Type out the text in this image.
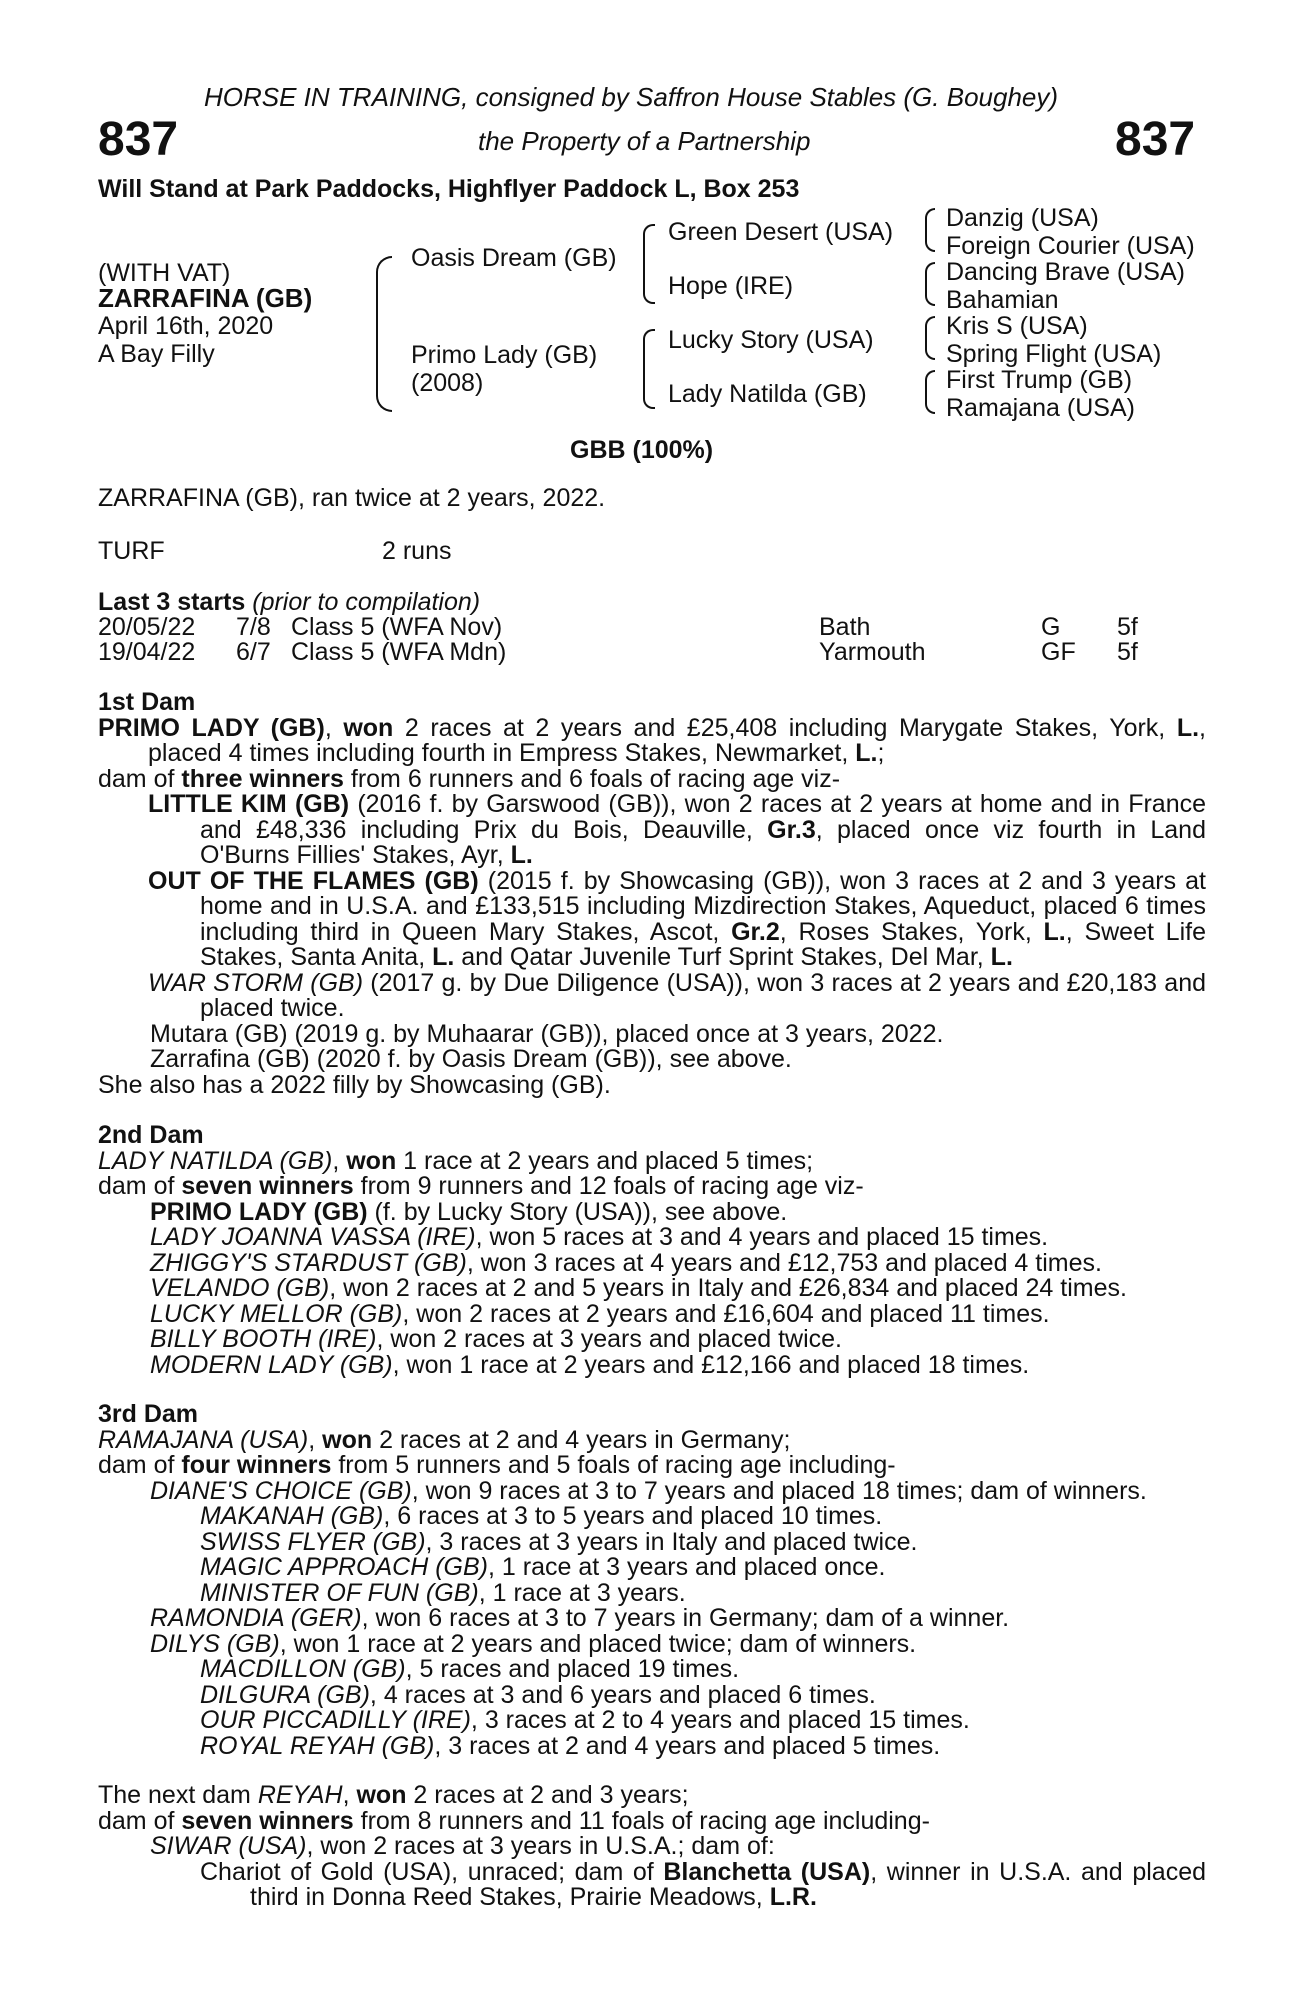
HORSE IN TRAINING, consigned by Saffron House Stables (G. Boughey)
837	the Property of a Partnership	837
Will Stand at Park Paddocks, Highflyer Paddock L, Box 253
(WITH VAT)
ZARRAFINA (GB)
April 16th, 2020
A Bay Filly
Oasis Dream (GB)
Primo Lady (GB)
(2008)
Green Desert (USA)
Hope (IRE)
Lucky Story (USA)
Lady Natilda (GB)
Danzig (USA)
Foreign Courier (USA)
Dancing Brave (USA)
Bahamian
Kris S (USA)
Spring Flight (USA)
First Trump (GB)
Ramajana (USA)
GBB (100%)
ZARRAFINA (GB), ran twice at 2 years, 2022.
TURF	2 runs
Last 3 starts (prior to compilation)
20/05/22 7/8 Class 5 (WFA Nov)	Bath	G 5f
19/04/22 6/7 Class 5 (WFA Mdn)	Yarmouth	GF 5f
1st Dam
PRIMO LADY (GB), won 2 races at 2 years and £25,408 including Marygate Stakes, York, L., placed 4 times including fourth in Empress Stakes, Newmarket, L.;
dam of three winners from 6 runners and 6 foals of racing age viz-
LITTLE KIM (GB) (2016 f. by Garswood (GB)), won 2 races at 2 years at home and in France and £48,336 including Prix du Bois, Deauville, Gr.3, placed once viz fourth in Land O'Burns Fillies' Stakes, Ayr, L.
OUT OF THE FLAMES (GB) (2015 f. by Showcasing (GB)), won 3 races at 2 and 3 years at home and in U.S.A. and £133,515 including Mizdirection Stakes, Aqueduct, placed 6 times including third in Queen Mary Stakes, Ascot, Gr.2, Roses Stakes, York, L., Sweet Life Stakes, Santa Anita, L. and Qatar Juvenile Turf Sprint Stakes, Del Mar, L.
WAR STORM (GB) (2017 g. by Due Diligence (USA)), won 3 races at 2 years and £20,183 and placed twice.
Mutara (GB) (2019 g. by Muhaarar (GB)), placed once at 3 years, 2022.
Zarrafina (GB) (2020 f. by Oasis Dream (GB)), see above.
She also has a 2022 filly by Showcasing (GB).
2nd Dam
LADY NATILDA (GB), won 1 race at 2 years and placed 5 times;
dam of seven winners from 9 runners and 12 foals of racing age viz-
PRIMO LADY (GB) (f. by Lucky Story (USA)), see above.
LADY JOANNA VASSA (IRE), won 5 races at 3 and 4 years and placed 15 times.
ZHIGGY'S STARDUST (GB), won 3 races at 4 years and £12,753 and placed 4 times.
VELANDO (GB), won 2 races at 2 and 5 years in Italy and £26,834 and placed 24 times.
LUCKY MELLOR (GB), won 2 races at 2 years and £16,604 and placed 11 times.
BILLY BOOTH (IRE), won 2 races at 3 years and placed twice.
MODERN LADY (GB), won 1 race at 2 years and £12,166 and placed 18 times.
3rd Dam
RAMAJANA (USA), won 2 races at 2 and 4 years in Germany;
dam of four winners from 5 runners and 5 foals of racing age including-
DIANE'S CHOICE (GB), won 9 races at 3 to 7 years and placed 18 times; dam of winners.
MAKANAH (GB), 6 races at 3 to 5 years and placed 10 times.
SWISS FLYER (GB), 3 races at 3 years in Italy and placed twice.
MAGIC APPROACH (GB), 1 race at 3 years and placed once.
MINISTER OF FUN (GB), 1 race at 3 years.
RAMONDIA (GER), won 6 races at 3 to 7 years in Germany; dam of a winner.
DILYS (GB), won 1 race at 2 years and placed twice; dam of winners.
MACDILLON (GB), 5 races and placed 19 times.
DILGURA (GB), 4 races at 3 and 6 years and placed 6 times.
OUR PICCADILLY (IRE), 3 races at 2 to 4 years and placed 15 times.
ROYAL REYAH (GB), 3 races at 2 and 4 years and placed 5 times.
The next dam REYAH, won 2 races at 2 and 3 years;
dam of seven winners from 8 runners and 11 foals of racing age including-
SIWAR (USA), won 2 races at 3 years in U.S.A.; dam of:
Chariot of Gold (USA), unraced; dam of Blanchetta (USA), winner in U.S.A. and placed third in Donna Reed Stakes, Prairie Meadows, L.R.
